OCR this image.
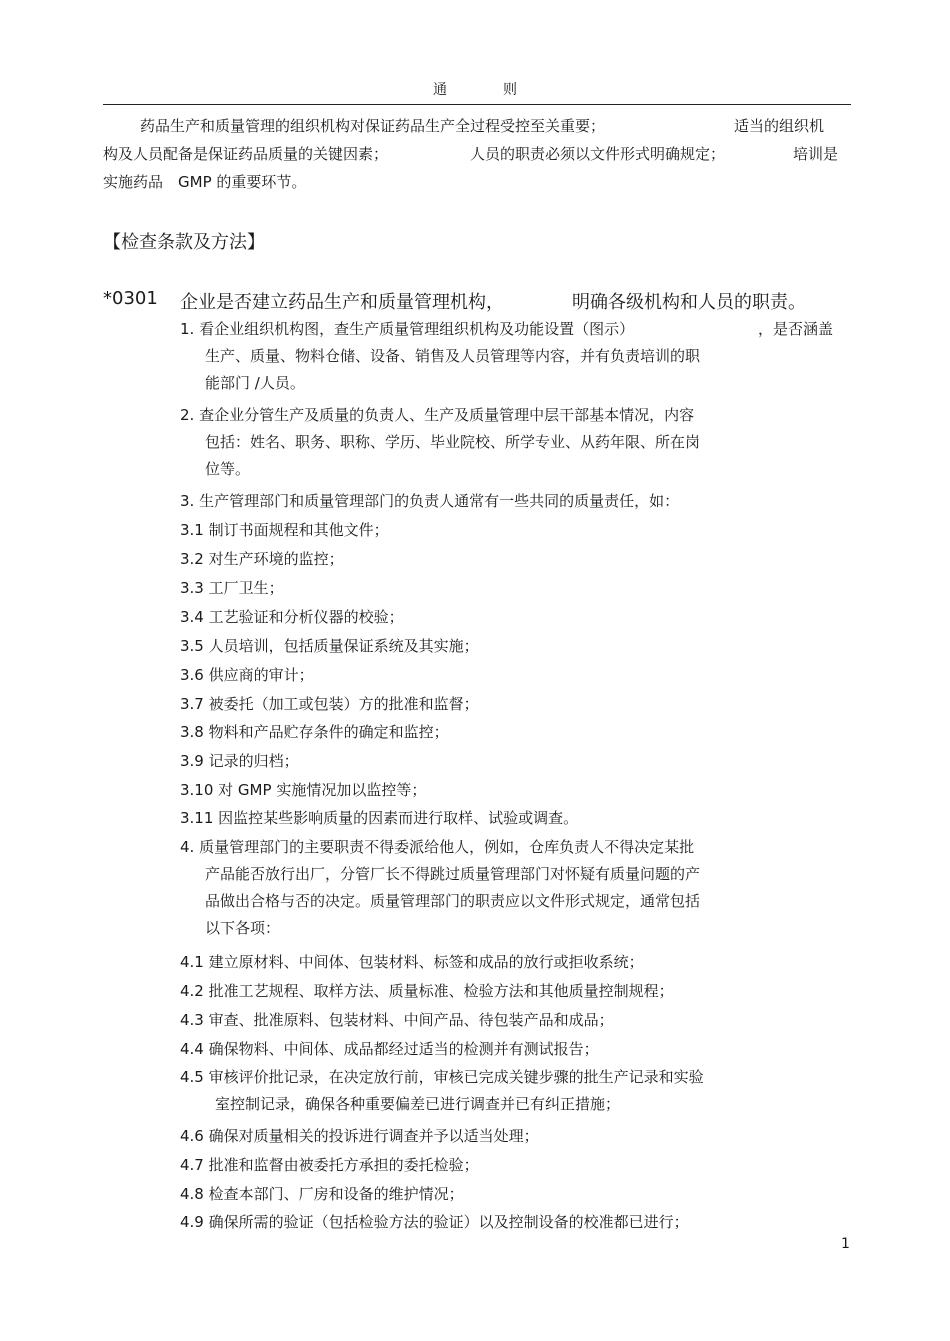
通	则
药品生产和质量管理的组织机构对保证药品生产全过程受控至关重要；	适当的组织机
构及人员配备是保证药品质量的关键因素；	人员的职责必须以文件形式明确规定；	培训是
实施药品　GMP 的重要环节。
【检查条款及方法】
*0301 企业是否建立药品生产和质量管理机构，	明确各级机构和人员的职责。
1. 看企业组织机构图，查生产质量管理组织机构及功能设置（图示）	，是否涵盖
生产、质量、物料仓储、设备、销售及人员管理等内容，并有负责培训的职
能部门 /人员。
2. 查企业分管生产及质量的负责人、生产及质量管理中层干部基本情况，内容
包括：姓名、职务、职称、学历、毕业院校、所学专业、从药年限、所在岗
位等。
3. 生产管理部门和质量管理部门的负责人通常有一些共同的质量责任，如：
3.1 制订书面规程和其他文件；
3.2 对生产环境的监控；
3.3 工厂卫生；
3.4 工艺验证和分析仪器的校验；
3.5 人员培训，包括质量保证系统及其实施；
3.6 供应商的审计；
3.7 被委托（加工或包装）方的批准和监督；
3.8 物料和产品贮存条件的确定和监控；
3.9 记录的归档；
3.10 对 GMP 实施情况加以监控等；
3.11 因监控某些影响质量的因素而进行取样、试验或调查。
4. 质量管理部门的主要职责不得委派给他人，例如，仓库负责人不得决定某批
产品能否放行出厂，分管厂长不得跳过质量管理部门对怀疑有质量问题的产
品做出合格与否的决定。质量管理部门的职责应以文件形式规定，通常包括
以下各项：
4.1 建立原材料、中间体、包装材料、标签和成品的放行或拒收系统；
4.2 批准工艺规程、取样方法、质量标准、检验方法和其他质量控制规程；
4.3 审查、批准原料、包装材料、中间产品、待包装产品和成品；
4.4 确保物料、中间体、成品都经过适当的检测并有测试报告；
4.5 审核评价批记录，在决定放行前，审核已完成关键步骤的批生产记录和实验
室控制记录，确保各种重要偏差已进行调查并已有纠正措施；
4.6 确保对质量相关的投诉进行调查并予以适当处理；
4.7 批准和监督由被委托方承担的委托检验；
4.8 检查本部门、厂房和设备的维护情况；
4.9 确保所需的验证（包括检验方法的验证）以及控制设备的校准都已进行；
1
